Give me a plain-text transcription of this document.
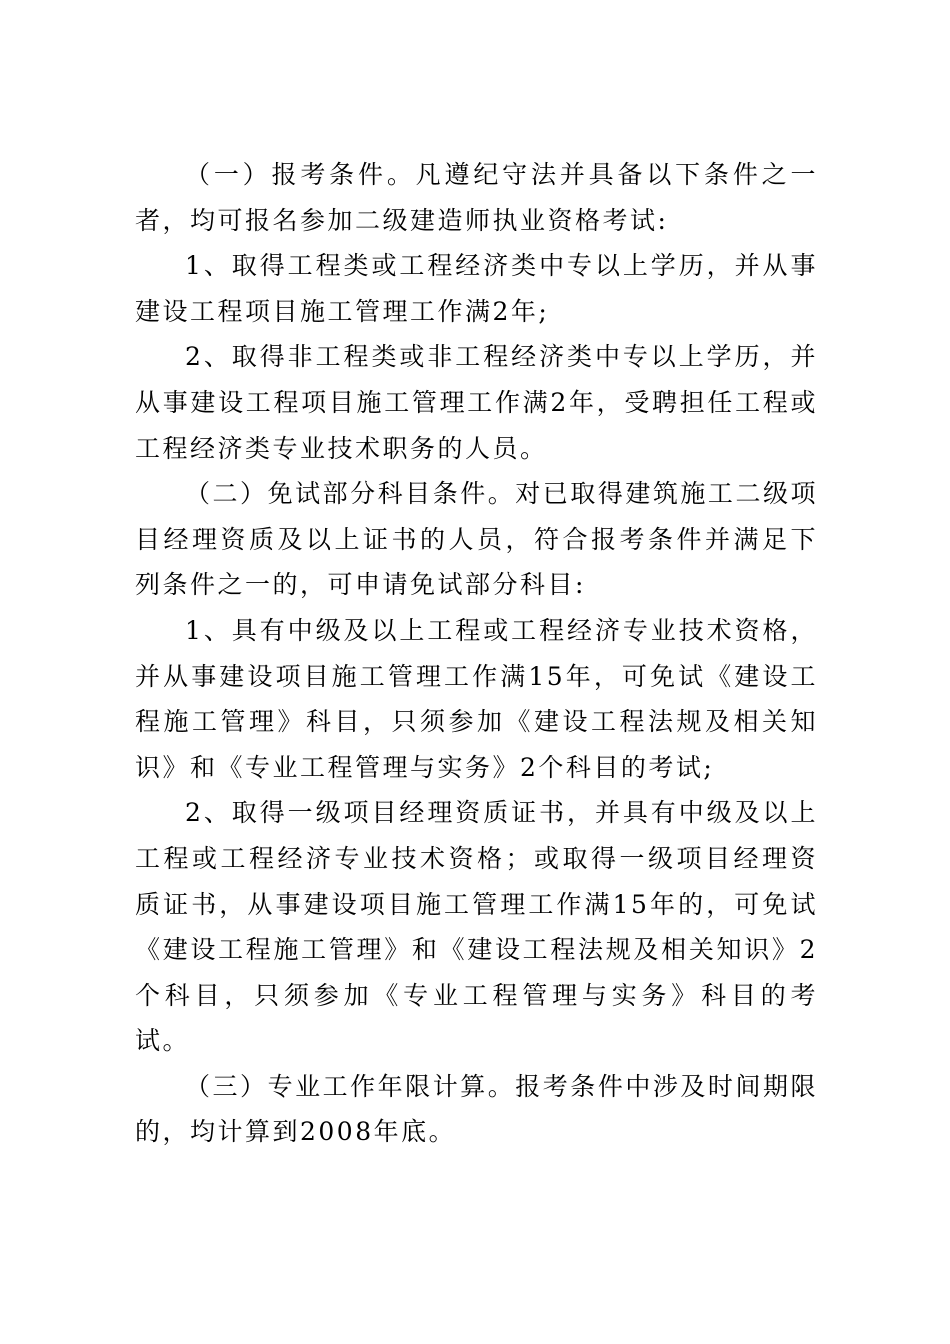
（一）报考条件。凡遵纪守法并具备以下条件之一者，均可报名参加二级建造师执业资格考试:

1、取得工程类或工程经济类中专以上学历，并从事建设工程项目施工管理工作满2年;

2、取得非工程类或非工程经济类中专以上学历，并从事建设工程项目施工管理工作满2年，受聘担任工程或工程经济类专业技术职务的人员。

（二）免试部分科目条件。对已取得建筑施工二级项目经理资质及以上证书的人员，符合报考条件并满足下列条件之一的，可申请免试部分科目:

1、具有中级及以上工程或工程经济专业技术资格，并从事建设项目施工管理工作满15年，可免试《建设工程施工管理》科目，只须参加《建设工程法规及相关知识》和《专业工程管理与实务》2个科目的考试;

2、取得一级项目经理资质证书，并具有中级及以上工程或工程经济专业技术资格；或取得一级项目经理资质证书，从事建设项目施工管理工作满15年的，可免试《建设工程施工管理》和《建设工程法规及相关知识》2个科目，只须参加《专业工程管理与实务》科目的考试。

（三）专业工作年限计算。报考条件中涉及时间期限的，均计算到2008年底。
